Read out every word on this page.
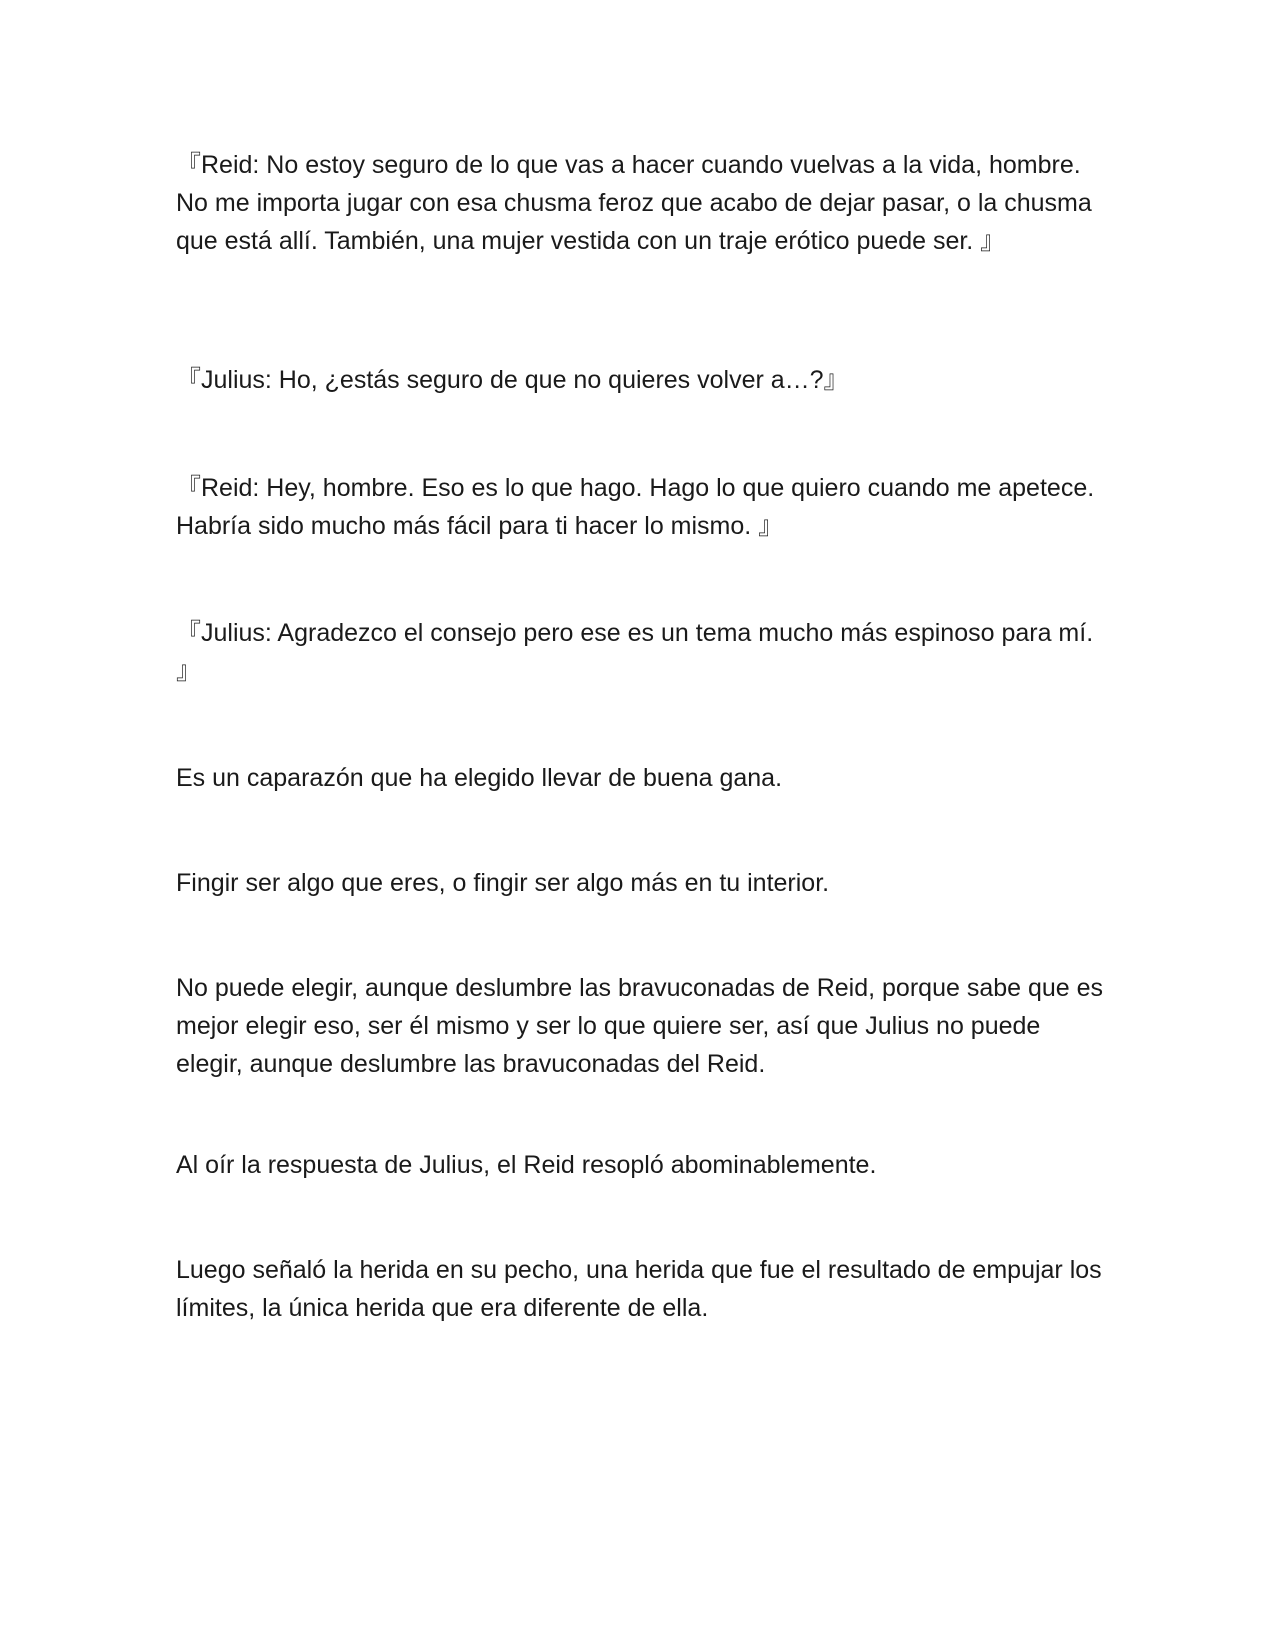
『Reid: No estoy seguro de lo que vas a hacer cuando vuelvas a la vida, hombre. No me importa jugar con esa chusma feroz que acabo de dejar pasar, o la chusma que está allí. También, una mujer vestida con un traje erótico puede ser. 』

『Julius: Ho, ¿estás seguro de que no quieres volver a…?』

『Reid: Hey, hombre. Eso es lo que hago. Hago lo que quiero cuando me apetece. Habría sido mucho más fácil para ti hacer lo mismo. 』

『Julius: Agradezco el consejo pero ese es un tema mucho más espinoso para mí. 』

Es un caparazón que ha elegido llevar de buena gana.

Fingir ser algo que eres, o fingir ser algo más en tu interior.

No puede elegir, aunque deslumbre las bravuconadas de Reid, porque sabe que es mejor elegir eso, ser él mismo y ser lo que quiere ser, así que Julius no puede elegir, aunque deslumbre las bravuconadas del Reid.

Al oír la respuesta de Julius, el Reid resopló abominablemente.

Luego señaló la herida en su pecho, una herida que fue el resultado de empujar los límites, la única herida que era diferente de ella.
